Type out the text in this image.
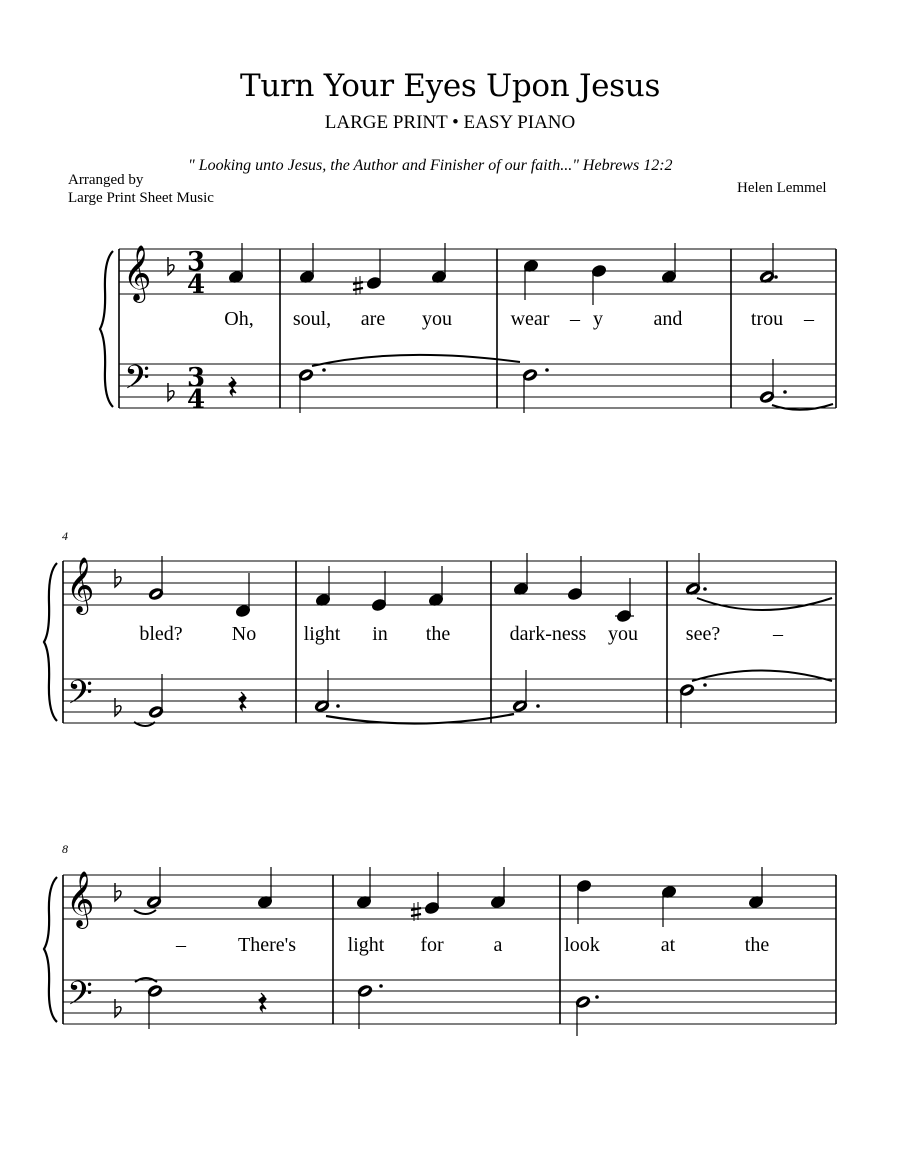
Turn Your Eyes Upon Jesus
LARGE PRINT • EASY PIANO
" Looking unto Jesus, the Author and Finisher of our faith..." Hebrews 12:2
Arranged by
Large Print Sheet Music
Helen Lemmel
𝄞
𝄢
3
4
3
4
𝄞
𝄢
𝄞
𝄢
4
8
Oh, soul, are you	wear – y	and	trou –
bled? No light in the	dark-ness you see?	–
–	There's	light for a	look	at	the
